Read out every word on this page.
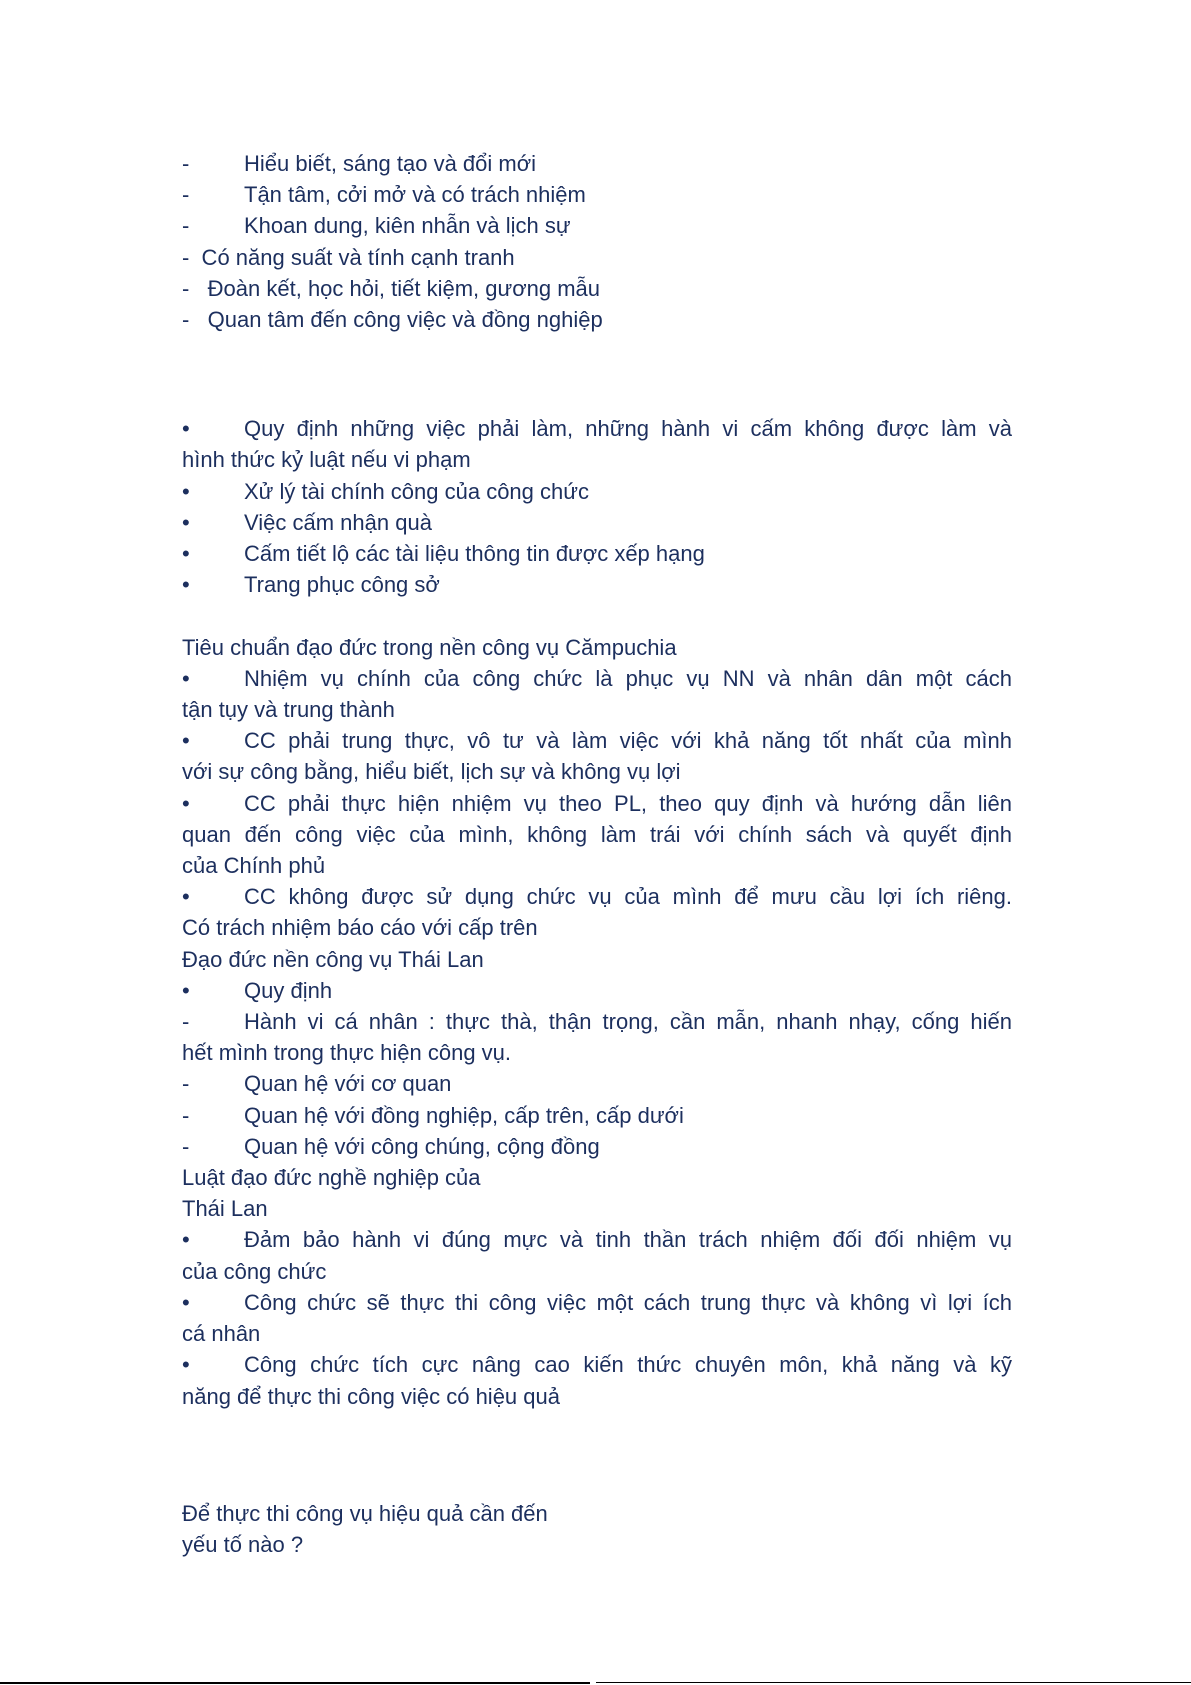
-	Hiểu biết, sáng tạo và đổi mới
-	Tận tâm, cởi mở và có trách nhiệm
-	Khoan dung, kiên nhẫn và lịch sự
-  Có năng suất và tính cạnh tranh
-   Đoàn kết, học hỏi, tiết kiệm, gương mẫu
-   Quan tâm đến công việc và đồng nghiệp
•	Quy định những việc phải làm, những hành vi cấm không được làm và
hình thức kỷ luật nếu vi phạm
•	Xử lý tài chính công của công chức
•	Việc cấm nhận quà
•	Cấm tiết lộ các tài liệu thông tin được xếp hạng
•	Trang phục công sở
Tiêu chuẩn đạo đức trong nền công vụ Cămpuchia
•	Nhiệm vụ chính của công chức là phục vụ NN và nhân dân một cách
tận tụy và trung thành
•	CC phải trung thực, vô tư và làm việc với khả năng tốt nhất của mình
với sự công bằng, hiểu biết, lịch sự và không vụ lợi
•	CC phải thực hiện nhiệm vụ theo PL, theo quy định và hướng dẫn liên
quan đến công việc của mình, không làm trái với chính sách và quyết định
của Chính phủ
•	CC không được sử dụng chức vụ của mình để mưu cầu lợi ích riêng.
Có trách nhiệm báo cáo với cấp trên
Đạo đức nền công vụ Thái Lan
•	Quy định
-	Hành vi cá nhân : thực thà, thận trọng, cần mẫn, nhanh nhạy, cống hiến
hết mình trong thực hiện công vụ.
-	Quan hệ với cơ quan
-	Quan hệ với đồng nghiệp, cấp trên, cấp dưới
-	Quan hệ với công chúng, cộng đồng
Luật đạo đức nghề nghiệp của
Thái Lan
•	Đảm bảo hành vi đúng mực và tinh thần trách nhiệm đối đối nhiệm vụ
của công chức
•	Công chức sẽ thực thi công việc một cách trung thực và không vì lợi ích
cá nhân
•	Công chức tích cực nâng cao kiến thức chuyên môn, khả năng và kỹ
năng để thực thi công việc có hiệu quả
Để thực thi công vụ hiệu quả cần đến
yếu tố nào ?
